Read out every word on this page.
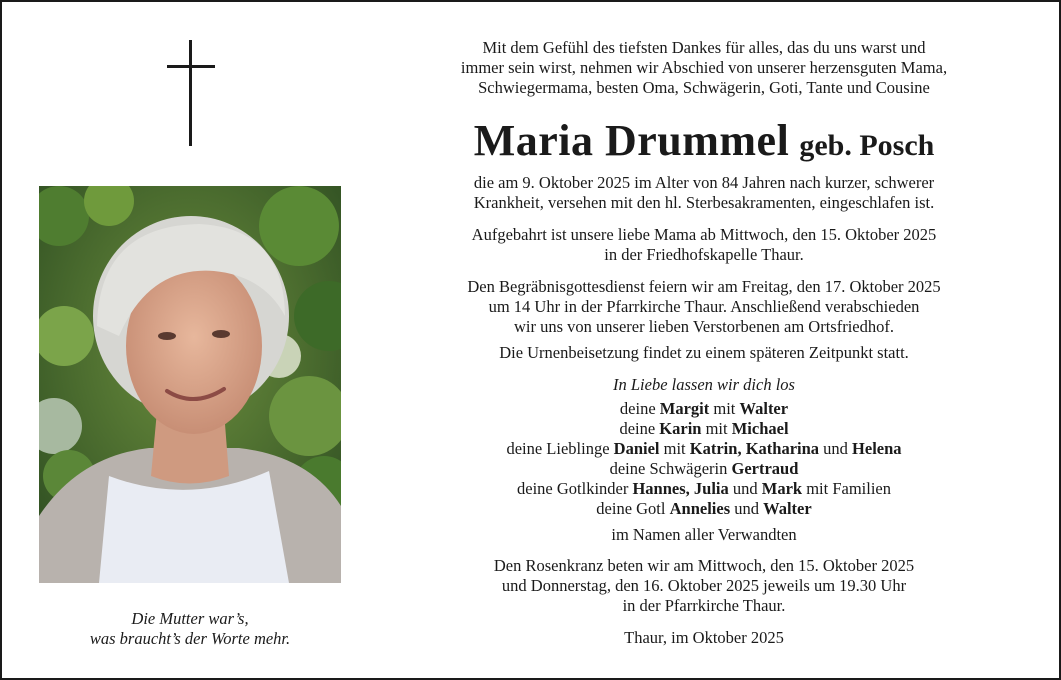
Die Mutter war’s,
was braucht’s der Worte mehr.
Mit dem Gefühl des tiefsten Dankes für alles, das du uns warst und
immer sein wirst, nehmen wir Abschied von unserer herzensguten Mama,
Schwiegermama, besten Oma, Schwägerin, Goti, Tante und Cousine
Maria Drummel geb. Posch
die am 9. Oktober 2025 im Alter von 84 Jahren nach kurzer, schwerer
Krankheit, versehen mit den hl. Sterbesakramenten, eingeschlafen ist.
Aufgebahrt ist unsere liebe Mama ab Mittwoch, den 15. Oktober 2025
in der Friedhofskapelle Thaur.
Den Begräbnisgottesdienst feiern wir am Freitag, den 17. Oktober 2025
um 14 Uhr in der Pfarrkirche Thaur. Anschließend verabschieden
wir uns von unserer lieben Verstorbenen am Ortsfriedhof.
Die Urnenbeisetzung findet zu einem späteren Zeitpunkt statt.
In Liebe lassen wir dich los
deine Margit mit Walter
deine Karin mit Michael
deine Lieblinge Daniel mit Katrin, Katharina und Helena
deine Schwägerin Gertraud
deine Gotlkinder Hannes, Julia und Mark mit Familien
deine Gotl Annelies und Walter
im Namen aller Verwandten
Den Rosenkranz beten wir am Mittwoch, den 15. Oktober 2025
und Donnerstag, den 16. Oktober 2025 jeweils um 19.30 Uhr
in der Pfarrkirche Thaur.
Thaur, im Oktober 2025
